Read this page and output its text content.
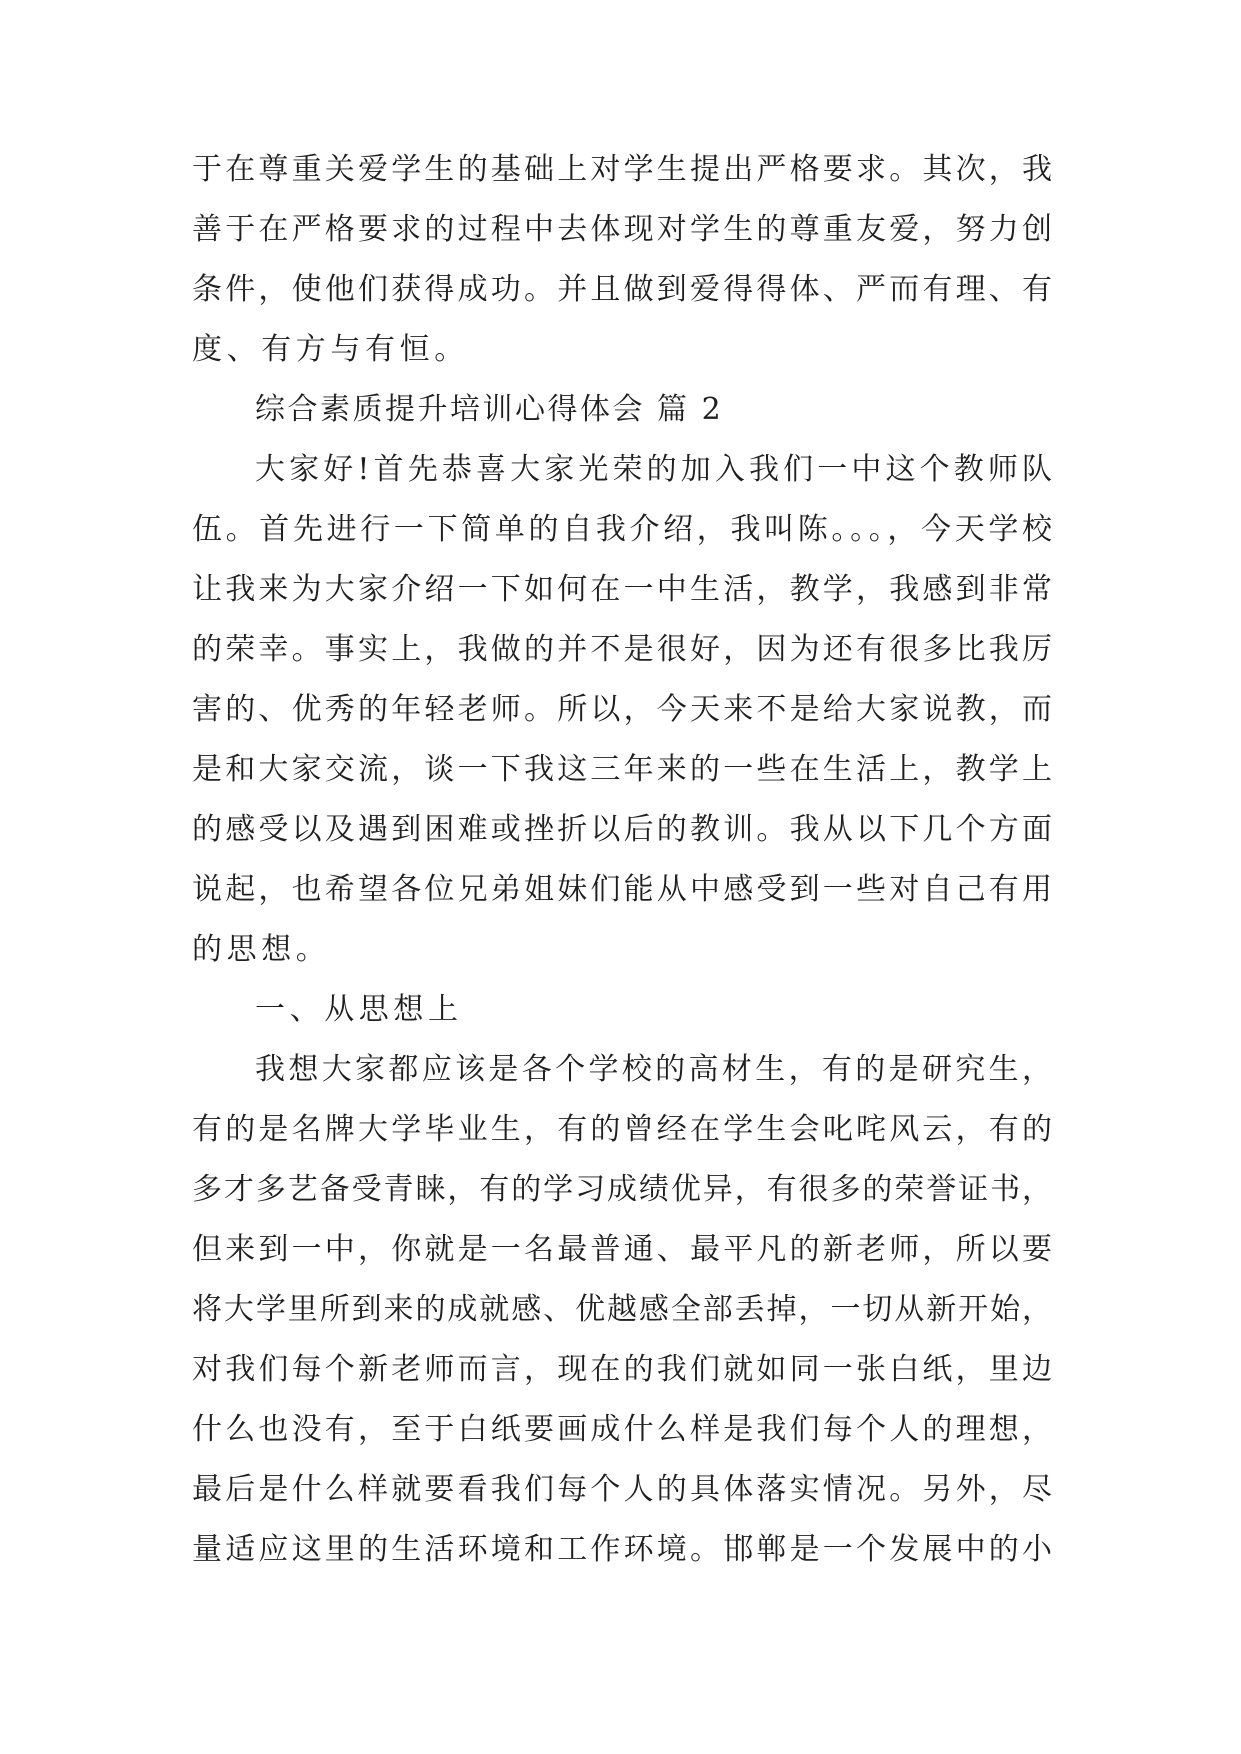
于在尊重关爱学生的基础上对学生提出严格要求。其次，我
善于在严格要求的过程中去体现对学生的尊重友爱，努力创
条件，使他们获得成功。并且做到爱得得体、严而有理、有
度、有方与有恒。
综合素质提升培训心得体会 篇 2
大家好!首先恭喜大家光荣的加入我们一中这个教师队
伍。首先进行一下简单的自我介绍，我叫陈。。。，今天学校
让我来为大家介绍一下如何在一中生活，教学，我感到非常
的荣幸。事实上，我做的并不是很好，因为还有很多比我厉
害的、优秀的年轻老师。所以，今天来不是给大家说教，而
是和大家交流，谈一下我这三年来的一些在生活上，教学上
的感受以及遇到困难或挫折以后的教训。我从以下几个方面
说起，也希望各位兄弟姐妹们能从中感受到一些对自己有用
的思想。
一、从思想上
我想大家都应该是各个学校的高材生，有的是研究生，
有的是名牌大学毕业生，有的曾经在学生会叱咤风云，有的
多才多艺备受青睐，有的学习成绩优异，有很多的荣誉证书，
但来到一中，你就是一名最普通、最平凡的新老师，所以要
将大学里所到来的成就感、优越感全部丢掉，一切从新开始，
对我们每个新老师而言，现在的我们就如同一张白纸，里边
什么也没有，至于白纸要画成什么样是我们每个人的理想，
最后是什么样就要看我们每个人的具体落实情况。另外，尽
量适应这里的生活环境和工作环境。邯郸是一个发展中的小
